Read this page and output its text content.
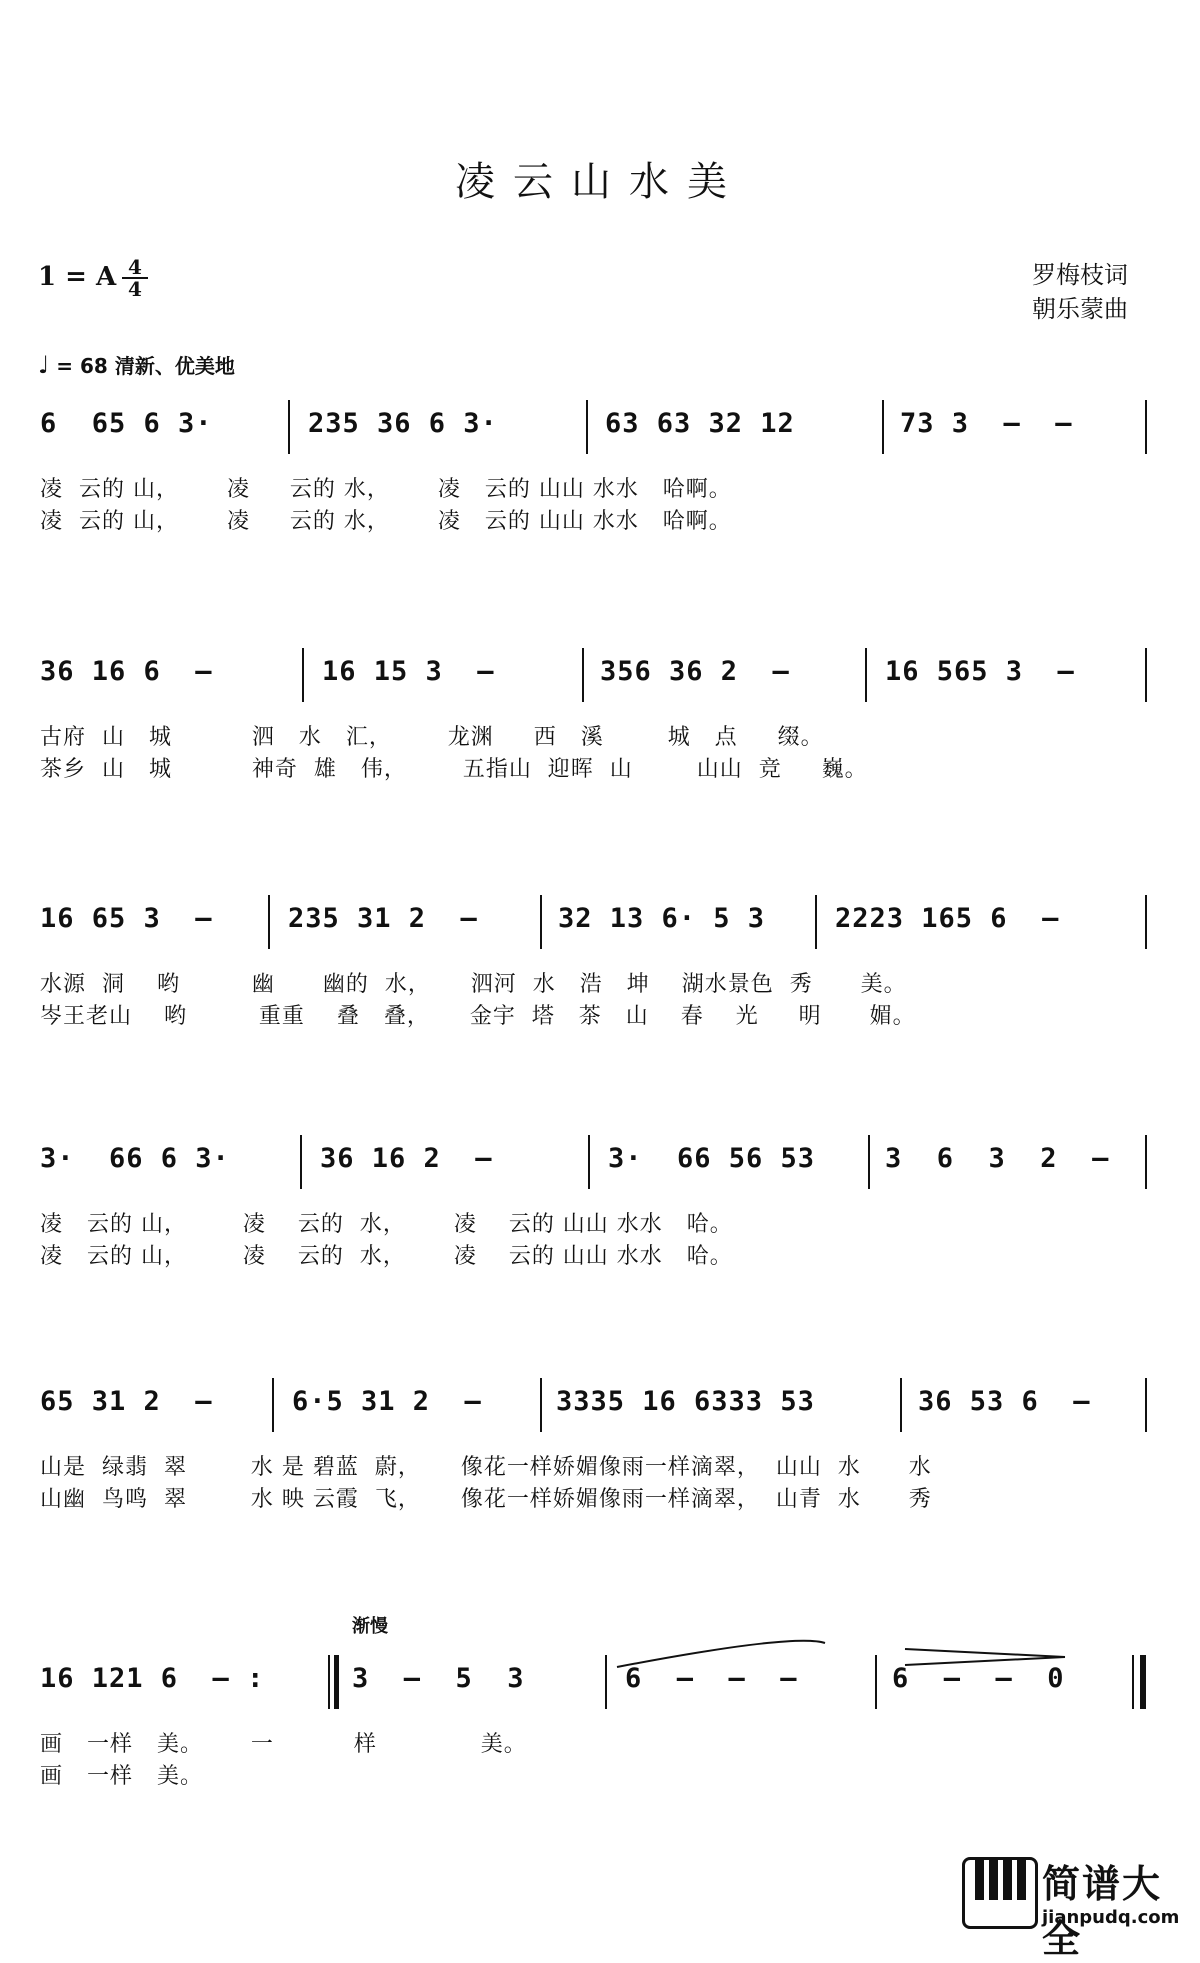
凌云山水美
1 = A 4
4	罗梅枝词
朝乐蒙曲
♩ = 68 清新、优美地
6  65 6 3·	235 36 6 3·	63 63 32 12	73 3  –  –
凌  云的 山，      凌     云的 水，      凌   云的 山山 水水   哈啊。
凌  云的 山，      凌     云的 水，      凌   云的 山山 水水   哈啊。
36 16 6  –	16 15 3  –	356 36 2  –	16 565 3  –
古府  山   城          泗   水   汇，       龙渊     西   溪        城   点     缀。
茶乡  山   城          神奇  雄   伟，       五指山  迎晖  山        山山  竞     巍。
16 65 3  –	235 31 2  –	32 13 6· 5 3	2223 165 6  –
水源  洞    哟         幽      幽的  水，     泗河  水   浩   坤    湖水景色  秀      美。
岑王老山    哟         重重    叠   叠，     金宇  塔   茶   山    春    光     明      媚。
3·  66 6 3·	36 16 2  –	3·  66 56 53	3  6  3  2  –
凌   云的 山，       凌    云的  水，      凌    云的 山山 水水   哈。
凌   云的 山，       凌    云的  水，      凌    云的 山山 水水   哈。
65 31 2  –	6·5 31 2  –	3335 16 6333 53	36 53 6  –
山是  绿翡  翠        水 是 碧蓝  蔚，     像花一样娇媚像雨一样滴翠，  山山  水      水
山幽  鸟鸣  翠        水 映 云霞  飞，     像花一样娇媚像雨一样滴翠，  山青  水      秀
渐慢
16 121 6  – :	3  –  5  3	6  –  –  –	6  –  –  0
画   一样   美。      一          样             美。
画   一样   美。
简谱大全
jianpudq.com
